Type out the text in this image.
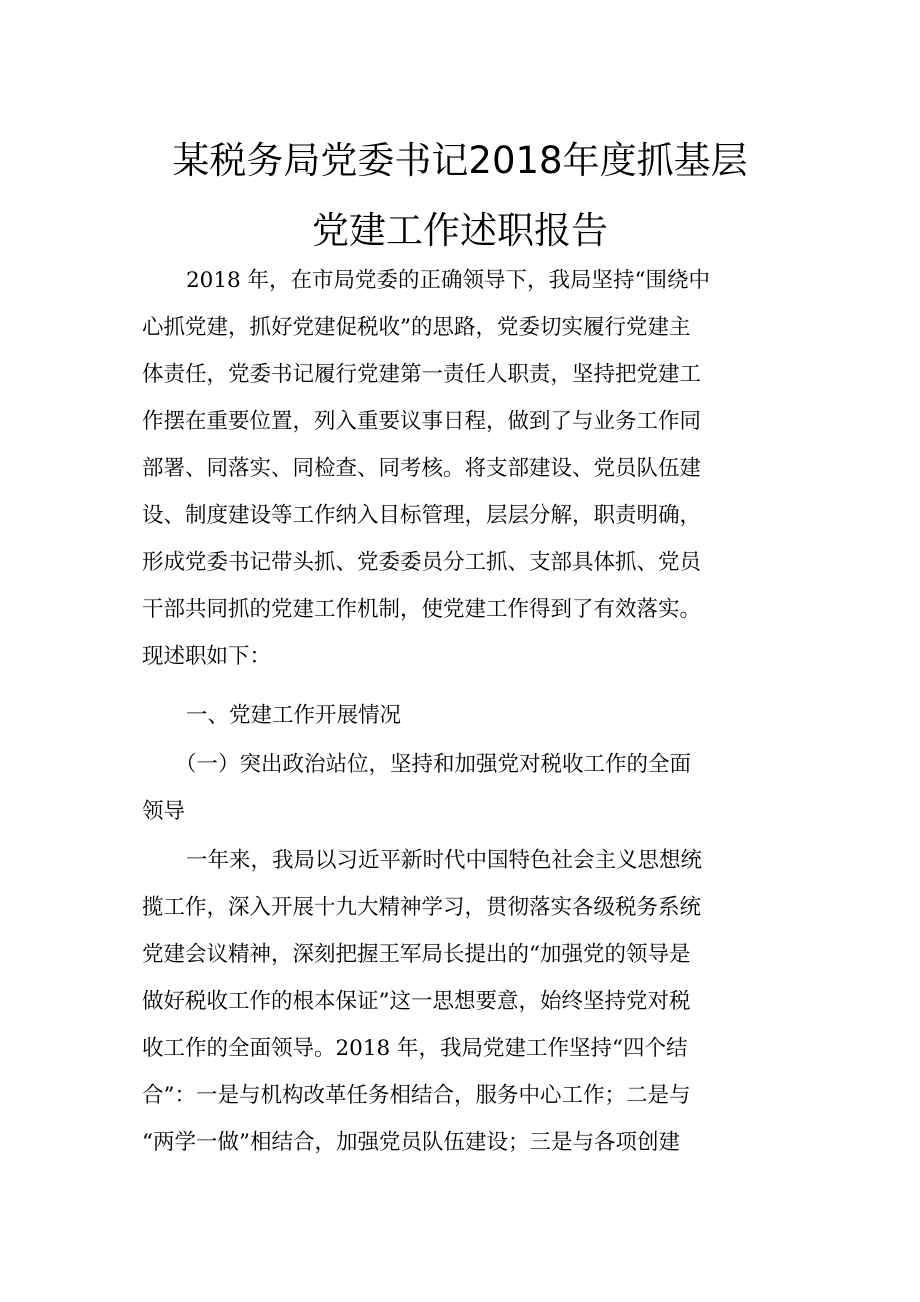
某税务局党委书记2018年度抓基层
党建工作述职报告
2018 年，在市局党委的正确领导下，我局坚持“围绕中
心抓党建，抓好党建促税收”的思路，党委切实履行党建主
体责任，党委书记履行党建第一责任人职责，坚持把党建工
作摆在重要位置，列入重要议事日程，做到了与业务工作同
部署、同落实、同检查、同考核。将支部建设、党员队伍建
设、制度建设等工作纳入目标管理，层层分解，职责明确，
形成党委书记带头抓、党委委员分工抓、支部具体抓、党员
干部共同抓的党建工作机制，使党建工作得到了有效落实。
现述职如下：
一、党建工作开展情况
（一）突出政治站位，坚持和加强党对税收工作的全面
领导
一年来，我局以习近平新时代中国特色社会主义思想统
揽工作，深入开展十九大精神学习，贯彻落实各级税务系统
党建会议精神，深刻把握王军局长提出的“加强党的领导是
做好税收工作的根本保证”这一思想要意，始终坚持党对税
收工作的全面领导。2018 年，我局党建工作坚持“四个结
合”：一是与机构改革任务相结合，服务中心工作；二是与
“两学一做”相结合，加强党员队伍建设；三是与各项创建
